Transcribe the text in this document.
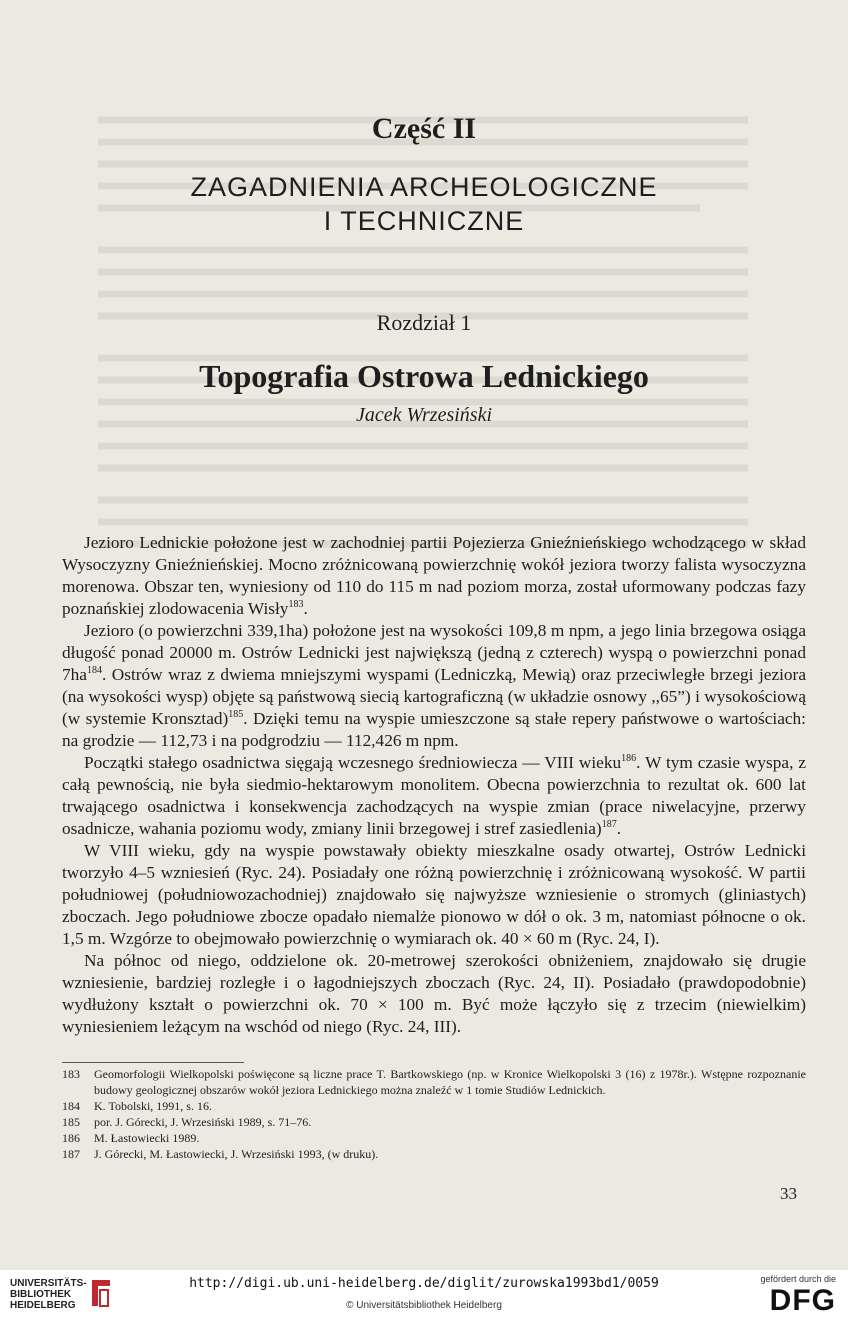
Część II
ZAGADNIENIA ARCHEOLOGICZNE
I TECHNICZNE
Rozdział 1
Topografia Ostrowa Lednickiego
Jacek Wrzesiński

Jezioro Lednickie położone jest w zachodniej partii Pojezierza Gnieźnieńskiego wchodzącego w skład Wysoczyzny Gnieźnieńskiej. Mocno zróżnicowaną powierzchnię wokół jeziora tworzy falista wysoczyzna morenowa. Obszar ten, wyniesiony od 110 do 115 m nad poziom morza, został uformowany podczas fazy poznańskiej zlodowacenia Wisły$^{183}$.

Jezioro (o powierzchni 339,1ha) położone jest na wysokości 109,8 m npm, a jego linia brzegowa osiąga długość ponad 20000 m. Ostrów Lednicki jest największą (jedną z czterech) wyspą o powierzchni ponad $7ha^{184}$. Ostrów wraz z dwiema mniejszymi wyspami (Ledniczką, Mewią) oraz przeciwległe brzegi jeziora (na wysokości wysp) objęte są państwową siecią kartograficzną (w układzie osnowy ,,65”) i wysokościową (w systemie Kronsztad)$^{185}$. Dzięki temu na wyspie umieszczone są stałe repery państwowe o wartościach: na grodzie — 112,73 i na podgrodziu — 112,426 m npm.

Początki stałego osadnictwa sięgają wczesnego średniowiecza — VIII wieku$^{186}$. W tym czasie wyspa, z całą pewnością, nie była siedmio-hektarowym monolitem. Obecna powierzchnia to rezultat ok. 600 lat trwającego osadnictwa i konsekwencja zachodzących na wyspie zmian (prace niwelacyjne, przerwy osadnicze, wahania poziomu wody, zmiany linii brzegowej i stref zasiedlenia)$^{187}$.

W VIII wieku, gdy na wyspie powstawały obiekty mieszkalne osady otwartej, Ostrów Lednicki tworzyło 4–5 wzniesień (Ryc. 24). Posiadały one różną powierzchnię i zróżnicowaną wysokość. W partii południowej (południowozachodniej) znajdowało się najwyższe wzniesienie o stromych (gliniastych) zboczach. Jego południowe zbocze opadało niemalże pionowo w dół o ok. 3 m, natomiast północne o ok. 1,5 m. Wzgórze to obejmowało powierzchnię o wymiarach ok. 40 × 60 m (Ryc. 24, I).

Na północ od niego, oddzielone ok. 20-metrowej szerokości obniżeniem, znajdowało się drugie wzniesienie, bardziej rozległe i o łagodniejszych zboczach (Ryc. 24, II). Posiadało (prawdopodobnie) wydłużony kształt o powierzchni ok. 70 × 100 m. Być może łączyło się z trzecim (niewielkim) wyniesieniem leżącym na wschód od niego (Ryc. 24, III).

183	Geomorfologii Wielkopolski poświęcone są liczne prace T. Bartkowskiego (np. w Kronice Wielkopolski 3 (16) z 1978r.). Wstępne rozpoznanie budowy geologicznej obszarów wokół jeziora Lednickiego można znaleźć w 1 tomie Studiów Lednickich.
184	K. Tobolski, 1991, s. 16.
185	por. J. Górecki, J. Wrzesiński 1989, s. 71–76.
186	M. Łastowiecki 1989.
187	J. Górecki, M. Łastowiecki, J. Wrzesiński 1993, (w druku).
33
UNIVERSITÄTS-
BIBLIOTHEK
HEIDELBERG
http://digi.ub.uni-heidelberg.de/diglit/zurowska1993bd1/0059
© Universitätsbibliothek Heidelberg
gefördert durch die
DFG
